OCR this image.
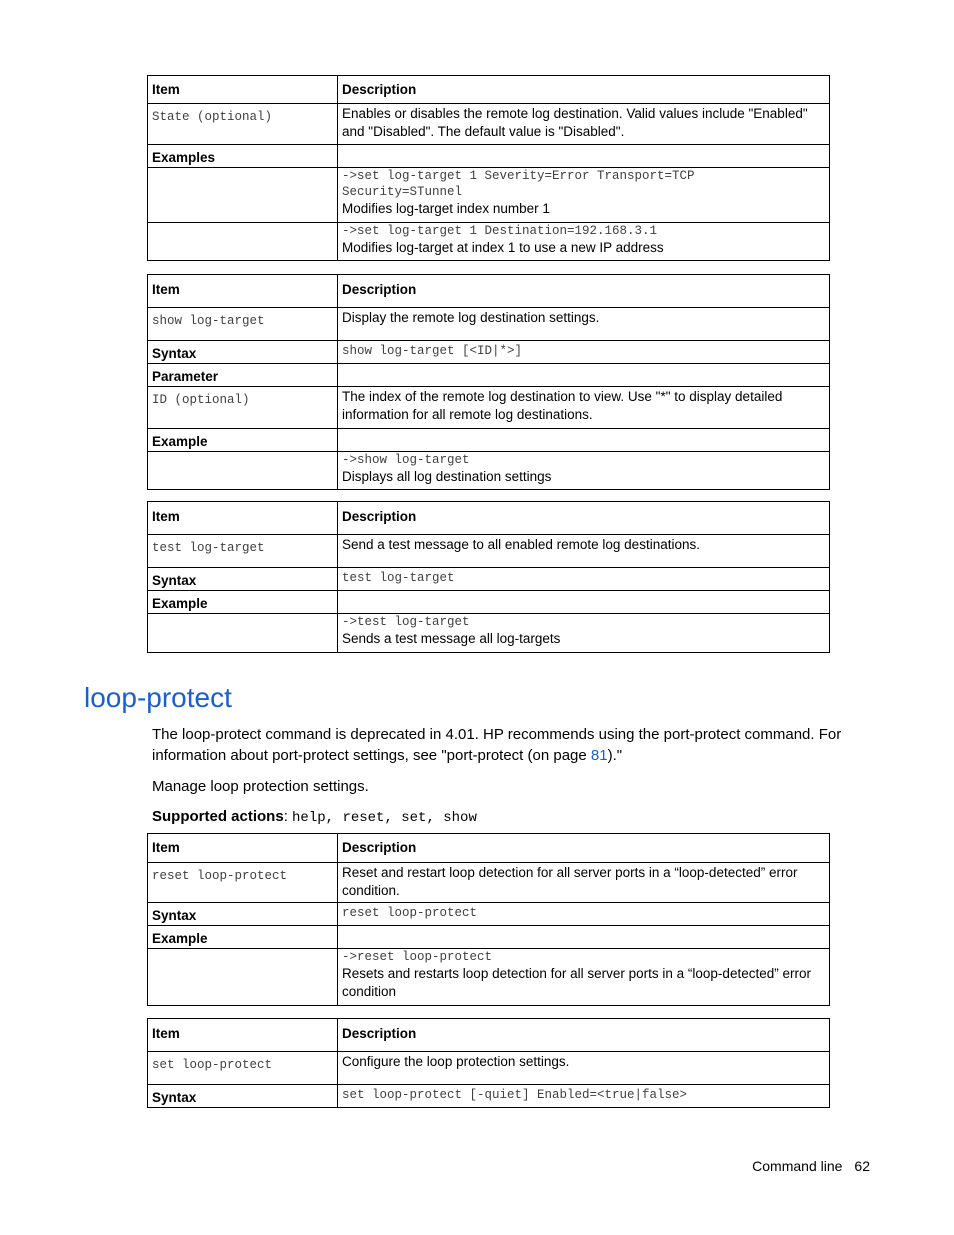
Item	Description
State (optional)	Enables or disables the remote log destination. Valid values include "Enabled" and "Disabled". The default value is "Disabled".
Examples	

	->set log-target 1 Severity=Error Transport=TCP
Security=STunnel
Modifies log-target index number 1

	->set log-target 1 Destination=192.168.3.1
Modifies log-target at index 1 to use a new IP address
Item	Description
show log-target	Display the remote log destination settings.
Syntax	show log-target [<ID|*>]
Parameter	
ID (optional)	The index of the remote log destination to view. Use "*" to display detailed information for all remote log destinations.
Example	

	->show log-target
Displays all log destination settings
Item	Description
test log-target	Send a test message to all enabled remote log destinations.
Syntax	test log-target
Example	

	->test log-target
Sends a test message all log-targets
loop-protect

The loop-protect command is deprecated in 4.01. HP recommends using the port-protect command. For information about port-protect settings, see "port-protect (on page 81)."

Manage loop protection settings.

Supported actions: help, reset, set, show

Item	Description
reset loop-protect	Reset and restart loop detection for all server ports in a “loop-detected” error condition.
Syntax	reset loop-protect
Example	

	->reset loop-protect
Resets and restarts loop detection for all server ports in a “loop-detected” error condition
Item	Description
set loop-protect	Configure the loop protection settings.
Syntax	set loop-protect [-quiet] Enabled=<true|false>
Command line 62
